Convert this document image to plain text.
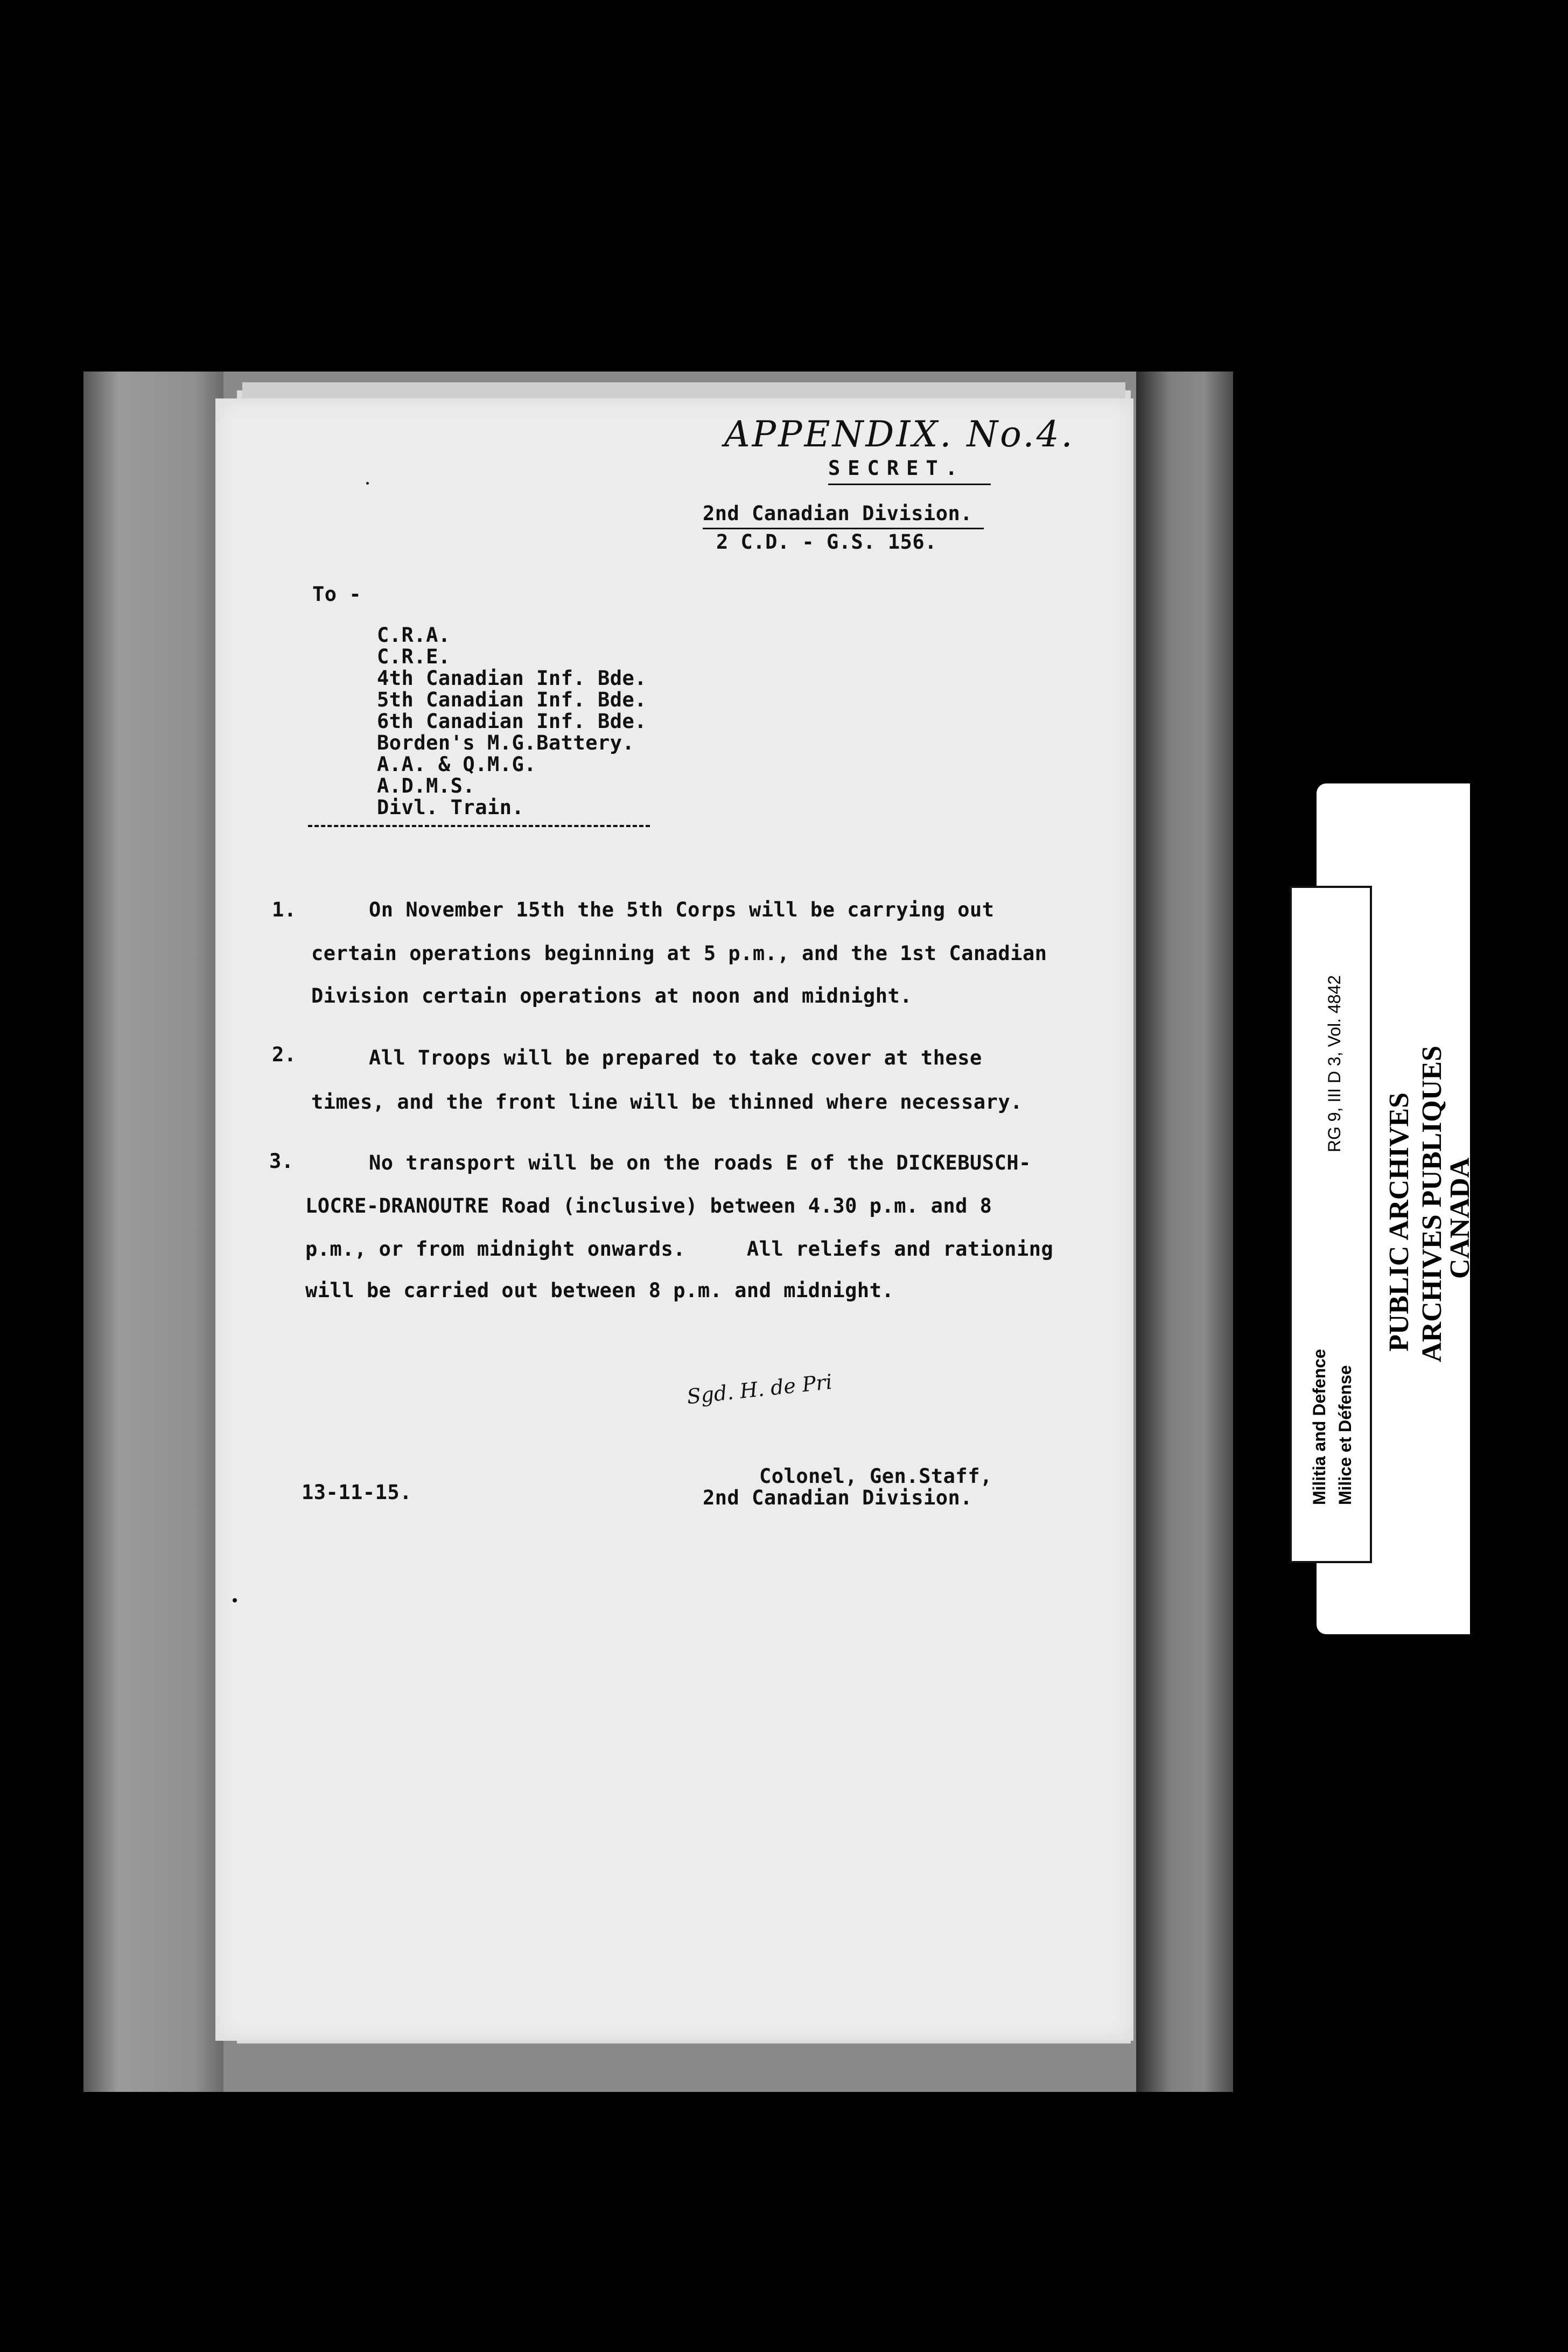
APPENDIX. No.4.
SECRET.
2nd Canadian Division.
2 C.D. - G.S. 156.
To -
C.R.A.
C.R.E.
4th Canadian Inf. Bde.
5th Canadian Inf. Bde.
6th Canadian Inf. Bde.
Borden's M.G.Battery.
A.A. & Q.M.G.
A.D.M.S.
Divl. Train.
1.	On November 15th the 5th Corps will be carrying out
certain operations beginning at 5 p.m., and the 1st Canadian
Division certain operations at noon and midnight.
2.	All Troops will be prepared to take cover at these
times, and the front line will be thinned where necessary.
3.	No transport will be on the roads E of the DICKEBUSCH-
LOCRE-DRANOUTRE Road (inclusive) between 4.30 p.m. and 8
p.m., or from midnight onwards.     All reliefs and rationing
will be carried out between 8 p.m. and midnight.
Sgd. H. de Pri
Colonel, Gen.Staff,
2nd Canadian Division.
13-11-15.
RG 9, III D 3, Vol. 4842
Militia and Defence Milice et Défense
PUBLIC ARCHIVES ARCHIVES PUBLIQUES
CANADA
